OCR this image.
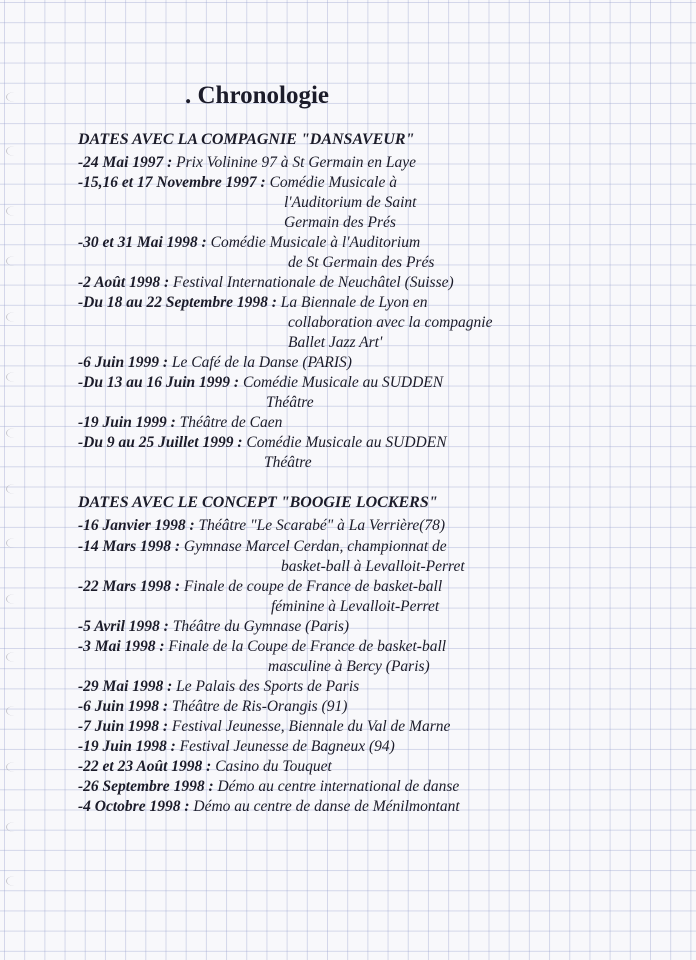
. Chronologie
DATES AVEC LA COMPAGNIE "DANSAVEUR"
DATES AVEC LE CONCEPT "BOOGIE LOCKERS"
-24 Mai 1997 : Prix Volinine 97 à St Germain en Laye
-15,16 et 17 Novembre 1997 : Comédie Musicale à
l'Auditorium de Saint
Germain des Prés
-30 et 31 Mai 1998 : Comédie Musicale à l'Auditorium
de St Germain des Prés
-2 Août 1998 : Festival Internationale de Neuchâtel (Suisse)
-Du 18 au 22 Septembre 1998 : La Biennale de Lyon en
collaboration avec la compagnie
Ballet Jazz Art'
-6 Juin 1999 : Le Café de la Danse (PARIS)
-Du 13 au 16 Juin 1999 : Comédie Musicale au SUDDEN
Théâtre
-19 Juin 1999 : Théâtre de Caen
-Du 9 au 25 Juillet 1999 : Comédie Musicale au SUDDEN
Théâtre
-16 Janvier 1998 : Théâtre "Le Scarabé" à La Verrière(78)
-14 Mars 1998 : Gymnase Marcel Cerdan, championnat de
basket-ball à Levalloit-Perret
-22 Mars 1998 : Finale de coupe de France de basket-ball
féminine à Levalloit-Perret
-5 Avril 1998 : Théâtre du Gymnase (Paris)
-3 Mai 1998 : Finale de la Coupe de France de basket-ball
masculine à Bercy (Paris)
-29 Mai 1998 : Le Palais des Sports de Paris
-6 Juin 1998 : Théâtre de Ris-Orangis (91)
-7 Juin 1998 : Festival Jeunesse, Biennale du Val de Marne
-19 Juin 1998 : Festival Jeunesse de Bagneux (94)
-22 et 23 Août 1998 : Casino du Touquet
-26 Septembre 1998 : Démo au centre international de danse
-4 Octobre 1998 : Démo au centre de danse de Ménilmontant
